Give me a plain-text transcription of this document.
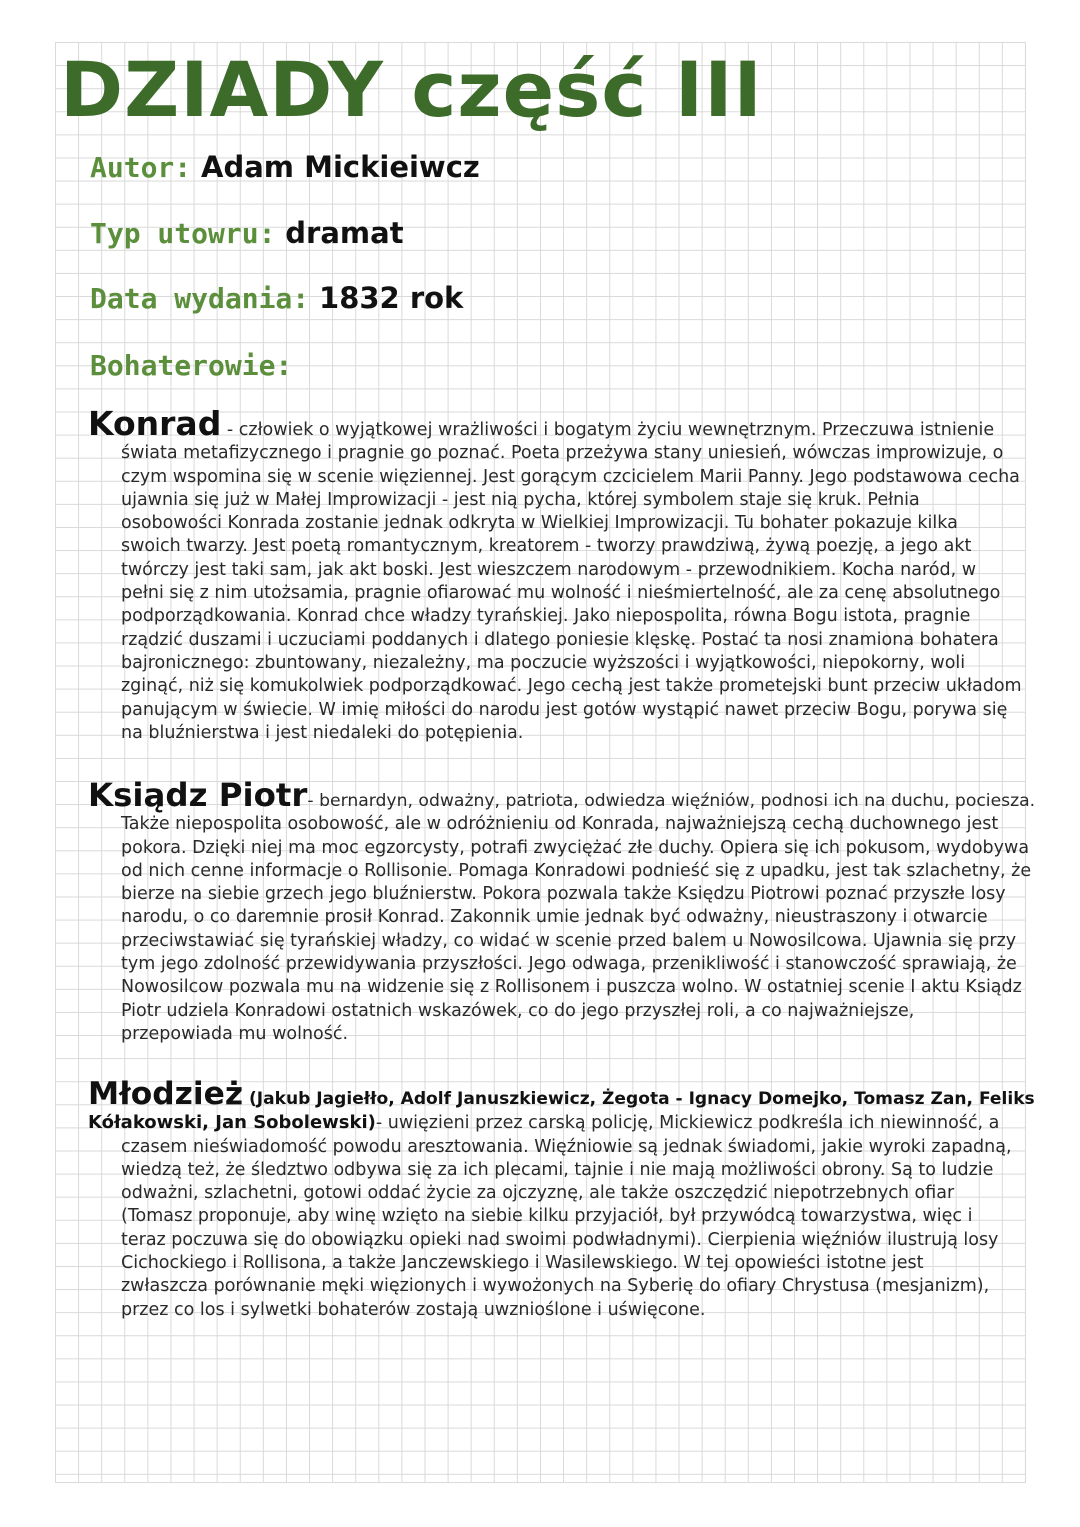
DZIADY część III
Autor: Adam Mickieiwcz
Typ utowru: dramat
Data wydania: 1832 rok
Bohaterowie:
Konrad - człowiek o wyjątkowej wrażliwości i bogatym życiu wewnętrznym. Przeczuwa istnienie
świata metafizycznego i pragnie go poznać. Poeta przeżywa stany uniesień, wówczas improwizuje, o
czym wspomina się w scenie więziennej. Jest gorącym czcicielem Marii Panny. Jego podstawowa cecha
ujawnia się już w Małej Improwizacji - jest nią pycha, której symbolem staje się kruk. Pełnia
osobowości Konrada zostanie jednak odkryta w Wielkiej Improwizacji. Tu bohater pokazuje kilka
swoich twarzy. Jest poetą romantycznym, kreatorem - tworzy prawdziwą, żywą poezję, a jego akt
twórczy jest taki sam, jak akt boski. Jest wieszczem narodowym - przewodnikiem. Kocha naród, w
pełni się z nim utożsamia, pragnie ofiarować mu wolność i nieśmiertelność, ale za cenę absolutnego
podporządkowania. Konrad chce władzy tyrańskiej. Jako niepospolita, równa Bogu istota, pragnie
rządzić duszami i uczuciami poddanych i dlatego poniesie klęskę. Postać ta nosi znamiona bohatera
bajronicznego: zbuntowany, niezależny, ma poczucie wyższości i wyjątkowości, niepokorny, woli
zginąć, niż się komukolwiek podporządkować. Jego cechą jest także prometejski bunt przeciw układom
panującym w świecie. W imię miłości do narodu jest gotów wystąpić nawet przeciw Bogu, porywa się
na bluźnierstwa i jest niedaleki do potępienia.
Ksiądz Piotr- bernardyn, odważny, patriota, odwiedza więźniów, podnosi ich na duchu, pociesza.
Także niepospolita osobowość, ale w odróżnieniu od Konrada, najważniejszą cechą duchownego jest
pokora. Dzięki niej ma moc egzorcysty, potrafi zwyciężać złe duchy. Opiera się ich pokusom, wydobywa
od nich cenne informacje o Rollisonie. Pomaga Konradowi podnieść się z upadku, jest tak szlachetny, że
bierze na siebie grzech jego bluźnierstw. Pokora pozwala także Księdzu Piotrowi poznać przyszłe losy
narodu, o co daremnie prosił Konrad. Zakonnik umie jednak być odważny, nieustraszony i otwarcie
przeciwstawiać się tyrańskiej władzy, co widać w scenie przed balem u Nowosilcowa. Ujawnia się przy
tym jego zdolność przewidywania przyszłości. Jego odwaga, przenikliwość i stanowczość sprawiają, że
Nowosilcow pozwala mu na widzenie się z Rollisonem i puszcza wolno. W ostatniej scenie I aktu Ksiądz
Piotr udziela Konradowi ostatnich wskazówek, co do jego przyszłej roli, a co najważniejsze,
przepowiada mu wolność.
Młodzież (Jakub Jagiełło, Adolf Januszkiewicz, Żegota - Ignacy Domejko, Tomasz Zan, Feliks
Kółakowski, Jan Sobolewski)- uwięzieni przez carską policję, Mickiewicz podkreśla ich niewinność, a
czasem nieświadomość powodu aresztowania. Więźniowie są jednak świadomi, jakie wyroki zapadną,
wiedzą też, że śledztwo odbywa się za ich plecami, tajnie i nie mają możliwości obrony. Są to ludzie
odważni, szlachetni, gotowi oddać życie za ojczyznę, ale także oszczędzić niepotrzebnych ofiar
(Tomasz proponuje, aby winę wzięto na siebie kilku przyjaciół, był przywódcą towarzystwa, więc i
teraz poczuwa się do obowiązku opieki nad swoimi podwładnymi). Cierpienia więźniów ilustrują losy
Cichockiego i Rollisona, a także Janczewskiego i Wasilewskiego. W tej opowieści istotne jest
zwłaszcza porównanie męki więzionych i wywożonych na Syberię do ofiary Chrystusa (mesjanizm),
przez co los i sylwetki bohaterów zostają uwznioślone i uświęcone.
